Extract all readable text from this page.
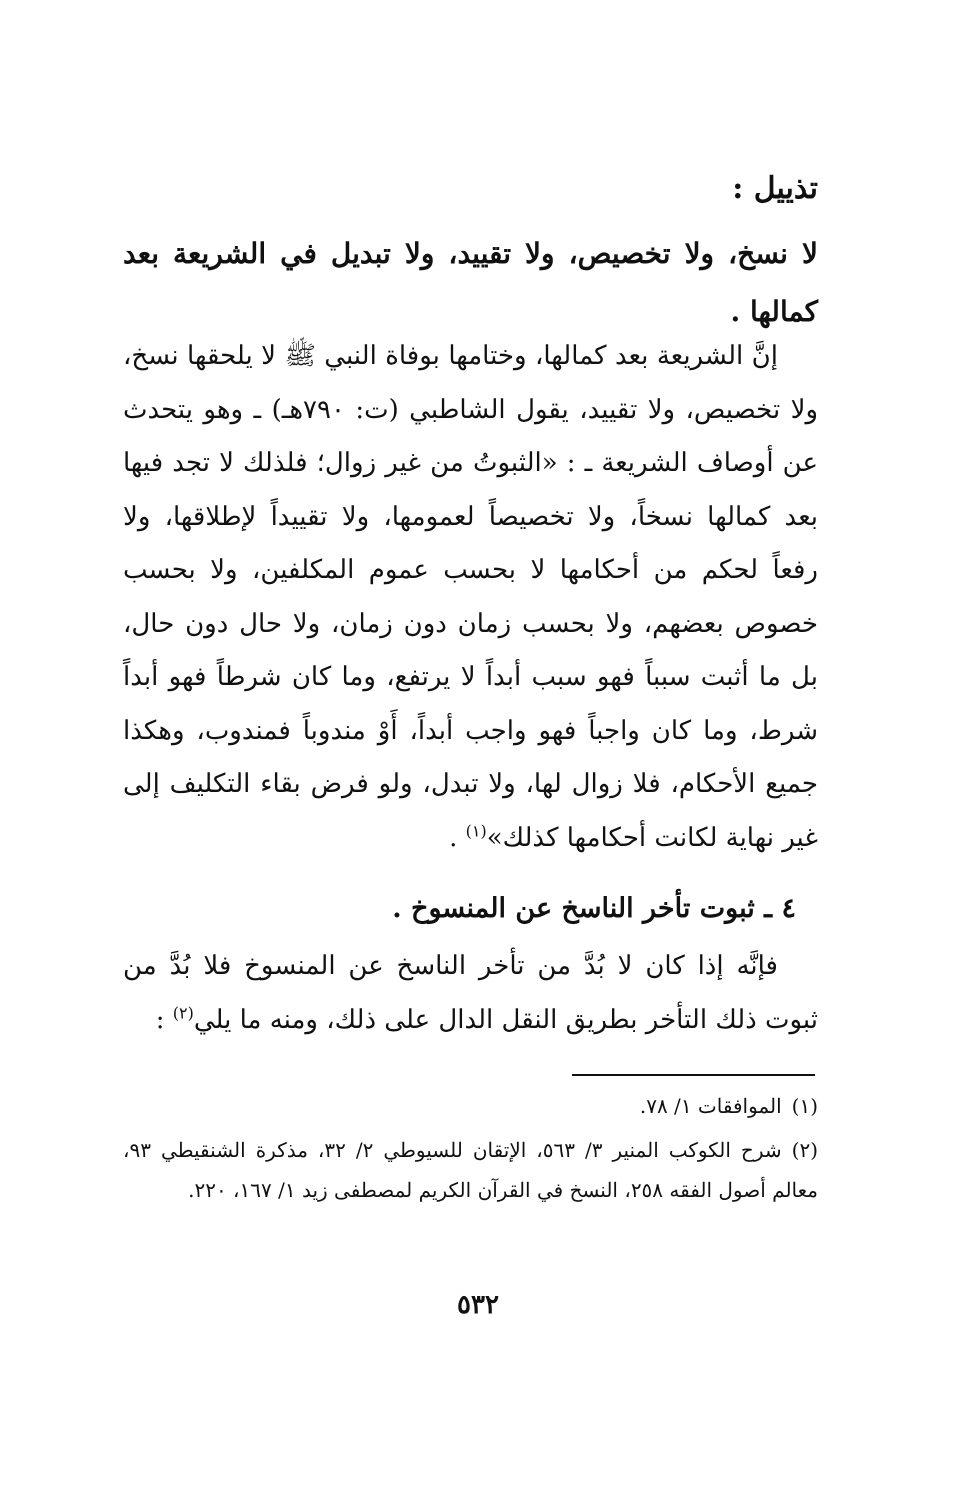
تذييل :

لا نسخ، ولا تخصيص، ولا تقييد، ولا تبديل في الشريعة بعد كمالها .

إنَّ الشريعة بعد كمالها، وختامها بوفاة النبي ﷺ لا يلحقها نسخ، ولا تخصيص، ولا تقييد، يقول الشاطبي (ت: ٧٩٠هـ) ـ وهو يتحدث عن أوصاف الشريعة ـ : «الثبوتُ من غير زوال؛ فلذلك لا تجد فيها بعد كمالها نسخاً، ولا تخصيصاً لعمومها، ولا تقييداً لإطلاقها، ولا رفعاً لحكم من أحكامها لا بحسب عموم المكلفين، ولا بحسب خصوص بعضهم، ولا بحسب زمان دون زمان، ولا حال دون حال، بل ما أثبت سبباً فهو سبب أبداً لا يرتفع، وما كان شرطاً فهو أبداً شرط، وما كان واجباً فهو واجب أبداً، أَوْ مندوباً فمندوب، وهكذا جميع الأحكام، فلا زوال لها، ولا تبدل، ولو فرض بقاء التكليف إلى غير نهاية لكانت أحكامها كذلك»$^{(١)}$ .

٤ ـ ثبوت تأخر الناسخ عن المنسوخ .

فإنَّه إذا كان لا بُدَّ من تأخر الناسخ عن المنسوخ فلا بُدَّ من ثبوت ذلك التأخر بطريق النقل الدال على ذلك، ومنه ما يلي$^{(٢)}$ :

(١)الموافقات ١/ ٧٨.

(٢)شرح الكوكب المنير ٣/ ٥٦٣، الإتقان للسيوطي ٢/ ٣٢، مذكرة الشنقيطي ٩٣، معالم أصول الفقه ٢٥٨، النسخ في القرآن الكريم لمصطفى زيد ١/ ١٦٧، ٢٢٠.

٥٣٢
